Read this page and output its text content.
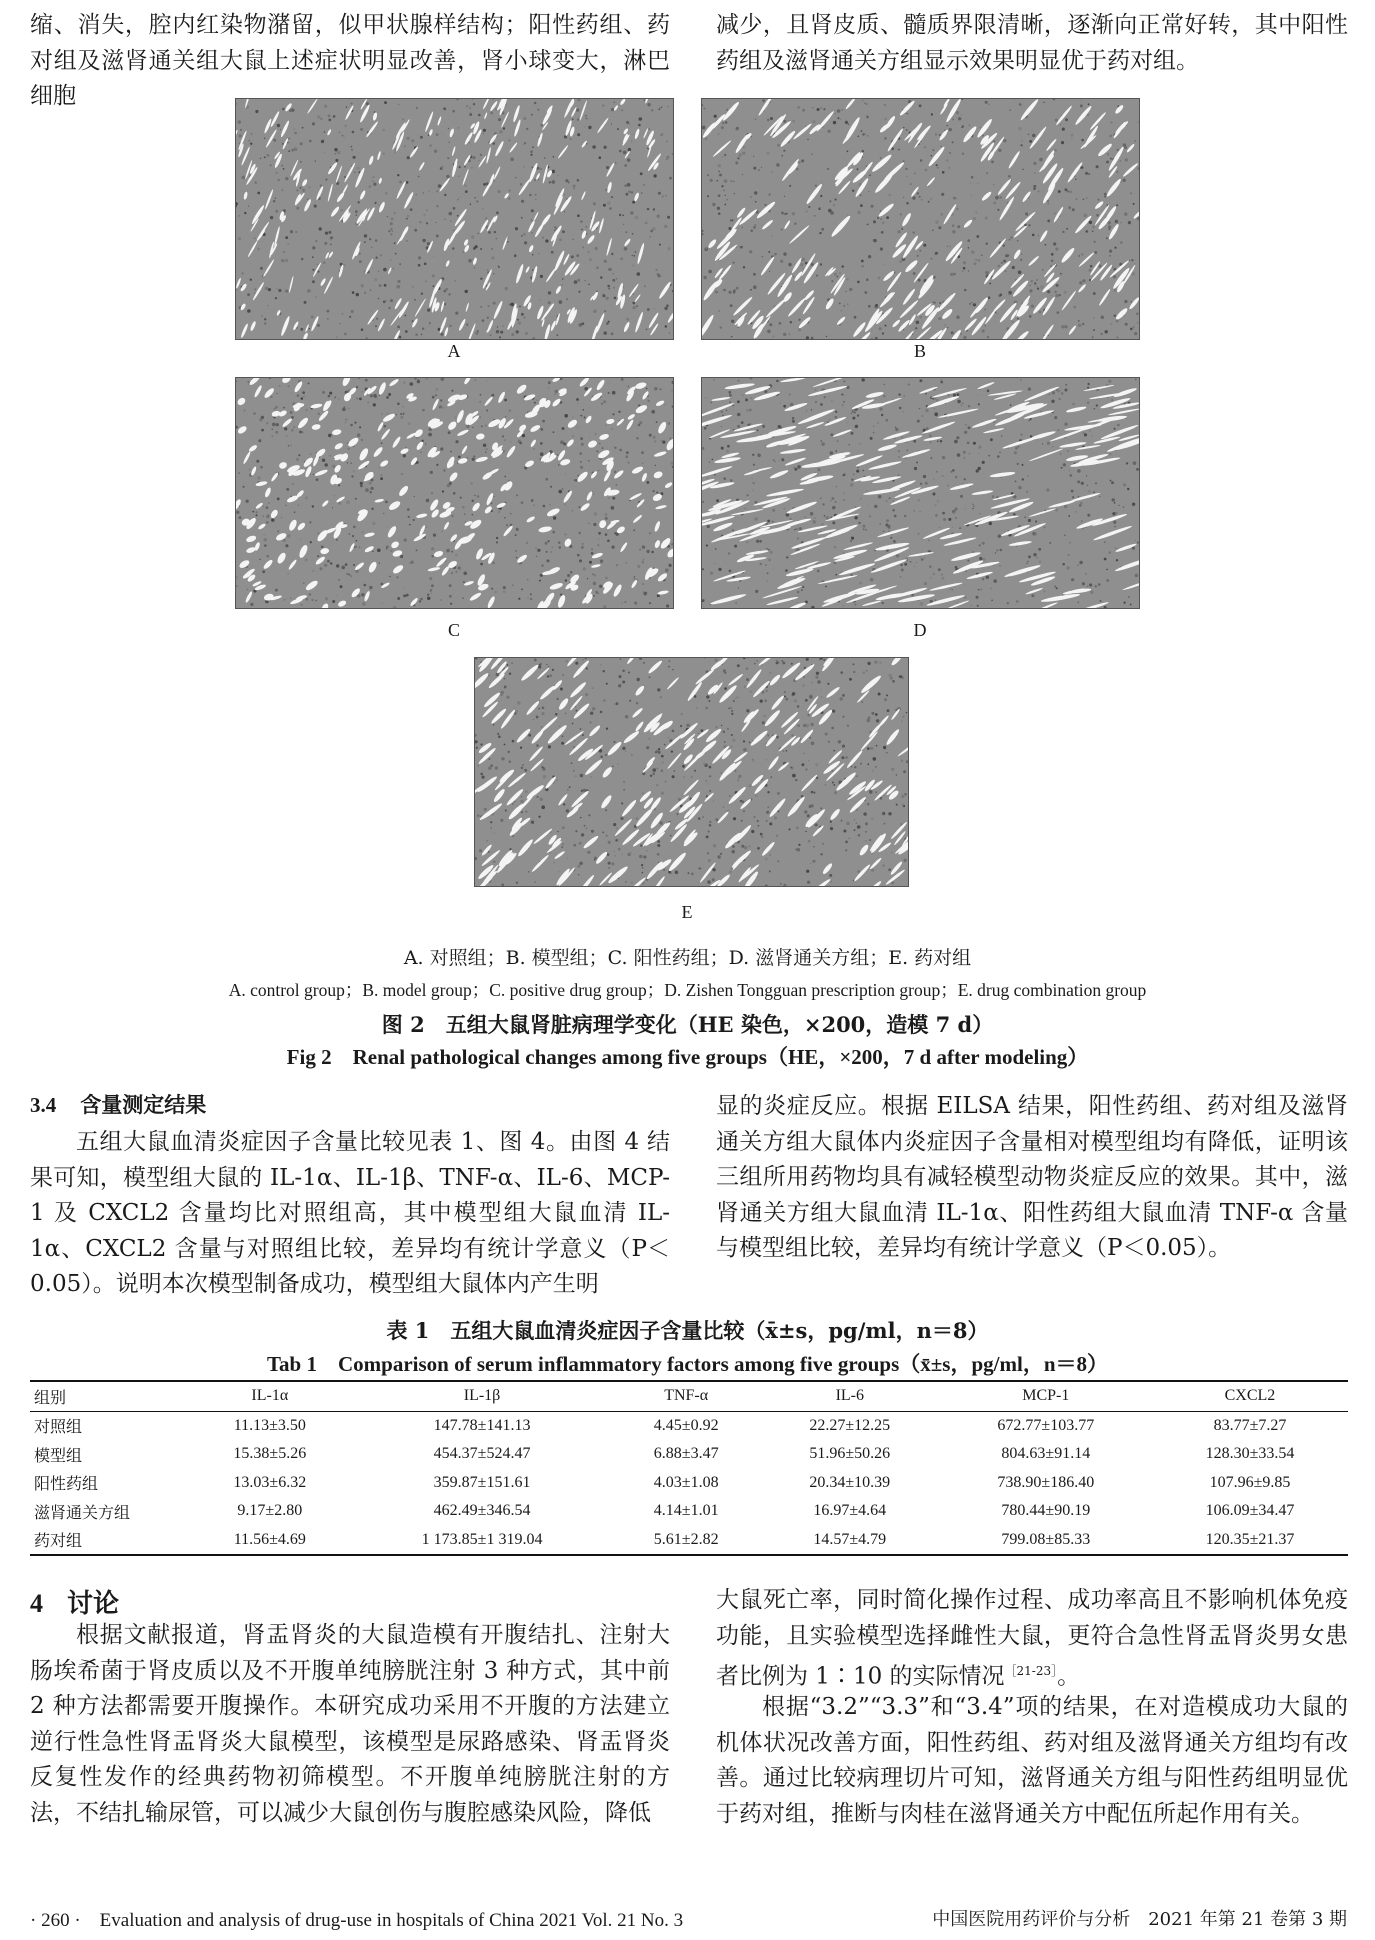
缩、消失，腔内红染物潴留，似甲状腺样结构；阳性药组、药对组及滋肾通关组大鼠上述症状明显改善，肾小球变大，淋巴细胞

减少，且肾皮质、髓质界限清晰，逐渐向正常好转，其中阳性药组及滋肾通关方组显示效果明显优于药对组。

A	B
C	D
E
A. 对照组；B. 模型组；C. 阳性药组；D. 滋肾通关方组；E. 药对组
A. control group；B. model group；C. positive drug group；D. Zishen Tongguan prescription group；E. drug combination group
图 2　五组大鼠肾脏病理学变化（HE 染色，×200，造模 7 d）
Fig 2　Renal pathological changes among five groups（HE，×200，7 d after modeling）
3.4 含量测定结果

五组大鼠血清炎症因子含量比较见表 1、图 4。由图 4 结果可知，模型组大鼠的 IL-1α、IL-1β、TNF-α、IL-6、MCP-1 及 CXCL2 含量均比对照组高，其中模型组大鼠血清 IL-1α、CXCL2 含量与对照组比较，差异均有统计学意义（P＜0.05）。说明本次模型制备成功，模型组大鼠体内产生明

显的炎症反应。根据 EILSA 结果，阳性药组、药对组及滋肾通关方组大鼠体内炎症因子含量相对模型组均有降低，证明该三组所用药物均具有减轻模型动物炎症反应的效果。其中，滋肾通关方组大鼠血清 IL-1α、阳性药组大鼠血清 TNF-α 含量与模型组比较，差异均有统计学意义（P＜0.05）。

表 1　五组大鼠血清炎症因子含量比较（x̄±s，pg/ml，n＝8）
Tab 1　Comparison of serum inflammatory factors among five groups（x̄±s，pg/ml，n＝8）
组别	IL-1α	IL-1β	TNF-α	IL-6	MCP-1	CXCL2
对照组	11.13±3.50	147.78±141.13	4.45±0.92	22.27±12.25	672.77±103.77	83.77±7.27
模型组	15.38±5.26	454.37±524.47	6.88±3.47	51.96±50.26	804.63±91.14	128.30±33.54
阳性药组	13.03±6.32	359.87±151.61	4.03±1.08	20.34±10.39	738.90±186.40	107.96±9.85
滋肾通关方组	9.17±2.80	462.49±346.54	4.14±1.01	16.97±4.64	780.44±90.19	106.09±34.47
药对组	11.56±4.69	1 173.85±1 319.04	5.61±2.82	14.57±4.79	799.08±85.33	120.35±21.37
4 讨论

根据文献报道，肾盂肾炎的大鼠造模有开腹结扎、注射大肠埃希菌于肾皮质以及不开腹单纯膀胱注射 3 种方式，其中前 2 种方法都需要开腹操作。本研究成功采用不开腹的方法建立逆行性急性肾盂肾炎大鼠模型，该模型是尿路感染、肾盂肾炎反复性发作的经典药物初筛模型。不开腹单纯膀胱注射的方法，不结扎输尿管，可以减少大鼠创伤与腹腔感染风险，降低

大鼠死亡率，同时简化操作过程、成功率高且不影响机体免疫功能，且实验模型选择雌性大鼠，更符合急性肾盂肾炎男女患者比例为 1∶10 的实际情况$^{[21-23]}$。

根据“3.2”“3.3”和“3.4”项的结果，在对造模成功大鼠的机体状况改善方面，阳性药组、药对组及滋肾通关方组均有改善。通过比较病理切片可知，滋肾通关方组与阳性药组明显优于药对组，推断与肉桂在滋肾通关方中配伍所起作用有关。

· 260 ·　Evaluation and analysis of drug-use in hospitals of China 2021 Vol. 21 No. 3	中国医院用药评价与分析　2021 年第 21 卷第 3 期
